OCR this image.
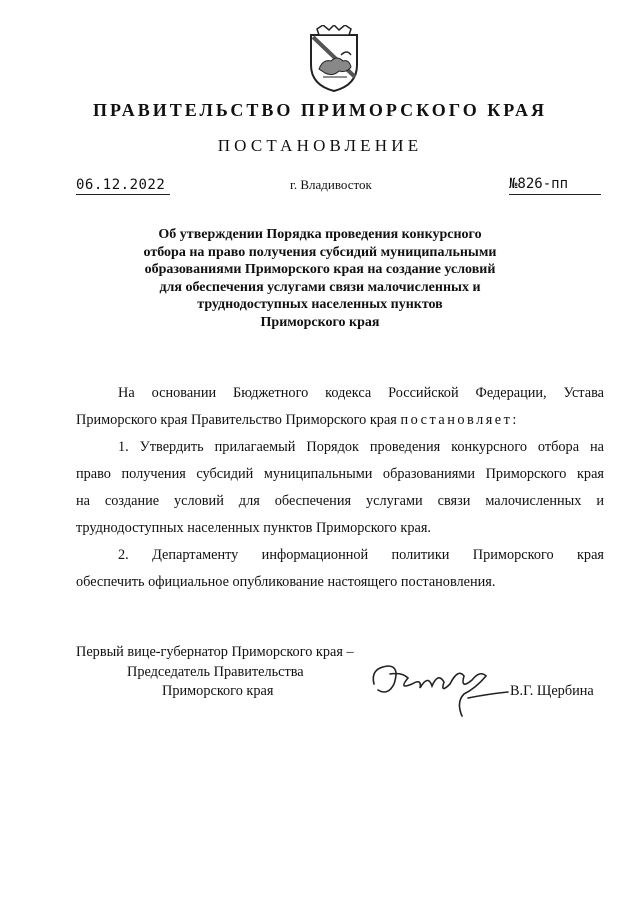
ПРАВИТЕЛЬСТВО ПРИМОРСКОГО КРАЯ
ПОСТАНОВЛЕНИЕ
06.12.2022	г. Владивосток	№826-пп
Об утверждении Порядка проведения конкурсного
отбора на право получения субсидий муниципальными
образованиями Приморского края на создание условий
для обеспечения услугами связи малочисленных и
труднодоступных населенных пунктов
Приморского края
На основании Бюджетного кодекса Российской Федерации, Устава
Приморского края Правительство Приморского края постановляет:
1. Утвердить прилагаемый Порядок проведения конкурсного отбора на
право получения субсидий муниципальными образованиями Приморского края
на создание условий для обеспечения услугами связи малочисленных и
труднодоступных населенных пунктов Приморского края.
2. Департаменту информационной политики Приморского края
обеспечить официальное опубликование настоящего постановления.
Первый вице-губернатор Приморского края –
Председатель Правительства
Приморского края	В.Г. Щербина
